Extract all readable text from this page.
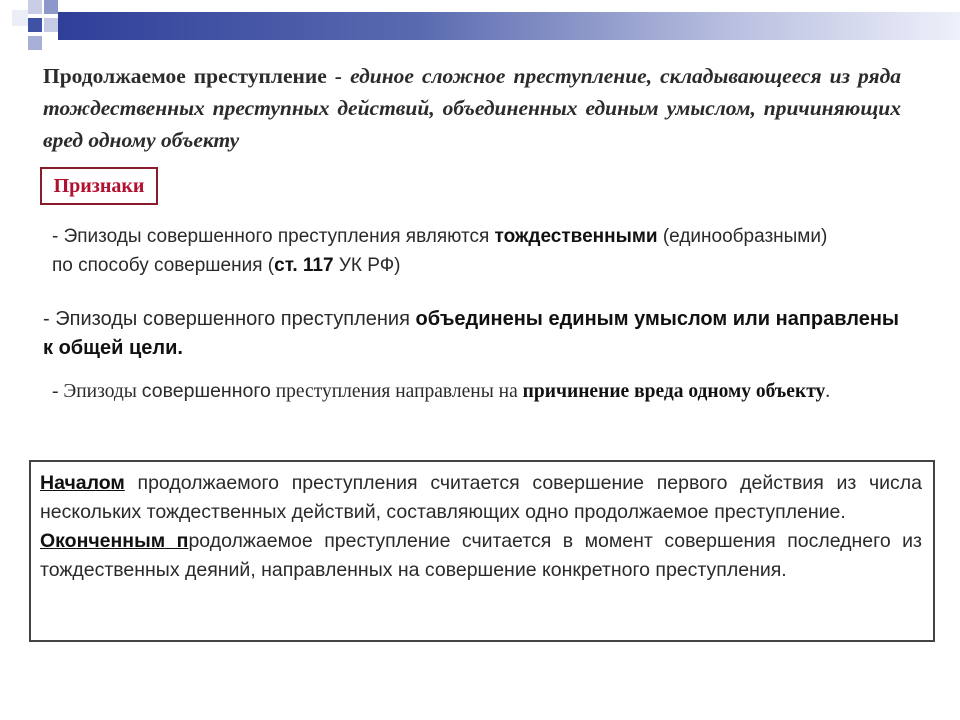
Продолжаемое преступление - единое сложное преступление, складывающееся из ряда тождественных преступных действий, объединенных единым умыслом, причиняющих вред одному объекту
Признаки
- Эпизоды совершенного преступления являются тождественными (единообразными) по способу совершения (ст. 117 УК РФ)
- Эпизоды совершенного преступления объединены единым умыслом или направлены к общей цели.
- Эпизоды совершенного преступления направлены на причинение вреда одному объекту.

Началом продолжаемого преступления считается совершение первого действия из числа нескольких тождественных действий, составляющих одно продолжаемое преступление.

Оконченным продолжаемое преступление считается в момент совершения последнего из тождественных деяний, направленных на совершение конкретного преступления.
